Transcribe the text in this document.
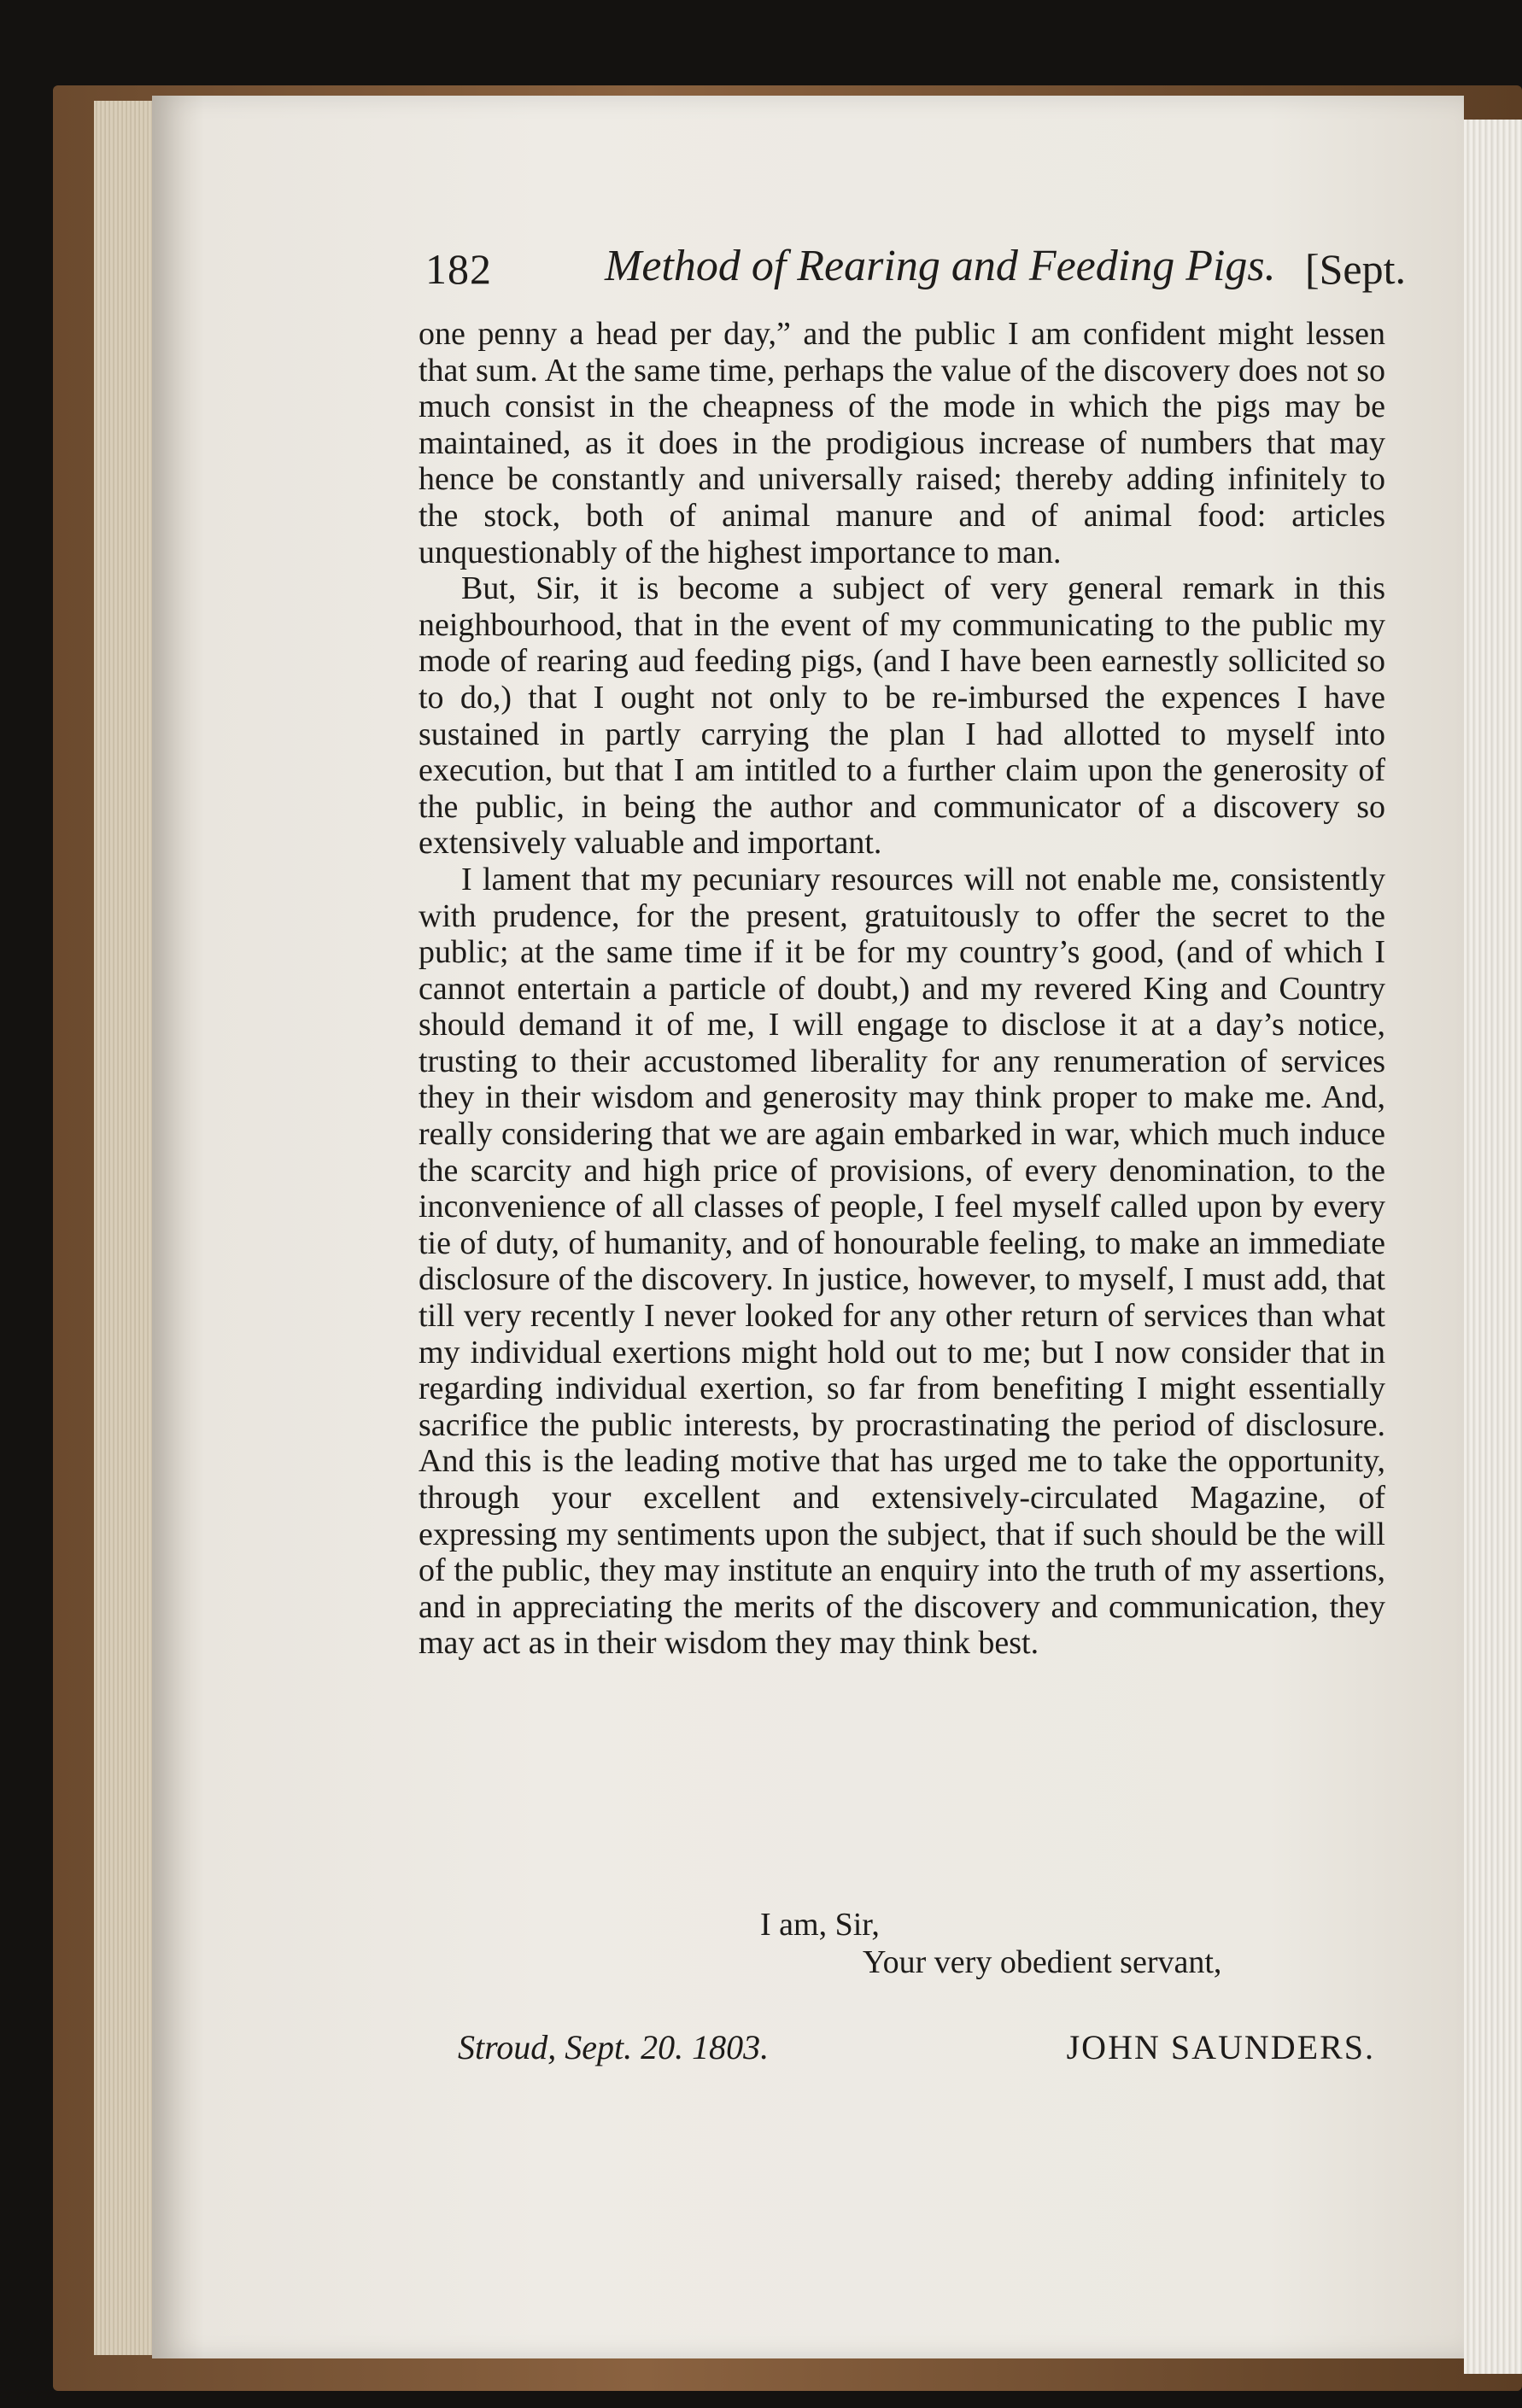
182	Method of Rearing and Feeding Pigs. [Sept.

one penny a head per day,” and the public I am confident might lessen that sum. At the same time, perhaps the value of the discovery does not so much consist in the cheapness of the mode in which the pigs may be maintained, as it does in the prodigious increase of numbers that may hence be constantly and universally raised; thereby adding infinitely to the stock, both of animal manure and of animal food: articles unquestionably of the highest importance to man.

But, Sir, it is become a subject of very general remark in this neighbourhood, that in the event of my communicating to the public my mode of rearing aud feeding pigs, (and I have been earnestly sollicited so to do,) that I ought not only to be re-imbursed the expences I have sustained in partly carrying the plan I had allotted to myself into execution, but that I am intitled to a further claim upon the generosity of the public, in being the author and communicator of a discovery so extensively valuable and important.

I lament that my pecuniary resources will not enable me, consistently with prudence, for the present, gratuitously to offer the secret to the public; at the same time if it be for my country’s good, (and of which I cannot entertain a particle of doubt,) and my revered King and Country should demand it of me, I will engage to disclose it at a day’s notice, trusting to their accustomed liberality for any renumeration of services they in their wisdom and generosity may think proper to make me. And, really considering that we are again embarked in war, which much induce the scarcity and high price of provisions, of every denomination, to the inconvenience of all classes of people, I feel myself called upon by every tie of duty, of humanity, and of honourable feeling, to make an immediate disclosure of the discovery. In justice, however, to myself, I must add, that till very recently I never looked for any other return of services than what my individual exertions might hold out to me; but I now consider that in regarding individual exertion, so far from benefiting I might essentially sacrifice the public interests, by procrastinating the period of disclosure. And this is the leading motive that has urged me to take the opportunity, through your excellent and extensively-circulated Magazine, of expressing my sentiments upon the subject, that if such should be the will of the public, they may institute an enquiry into the truth of my assertions, and in appreciating the merits of the discovery and communication, they may act as in their wisdom they may think best.

I am, Sir,
Your very obedient servant,
Stroud, Sept. 20. 1803.	JOHN SAUNDERS.
